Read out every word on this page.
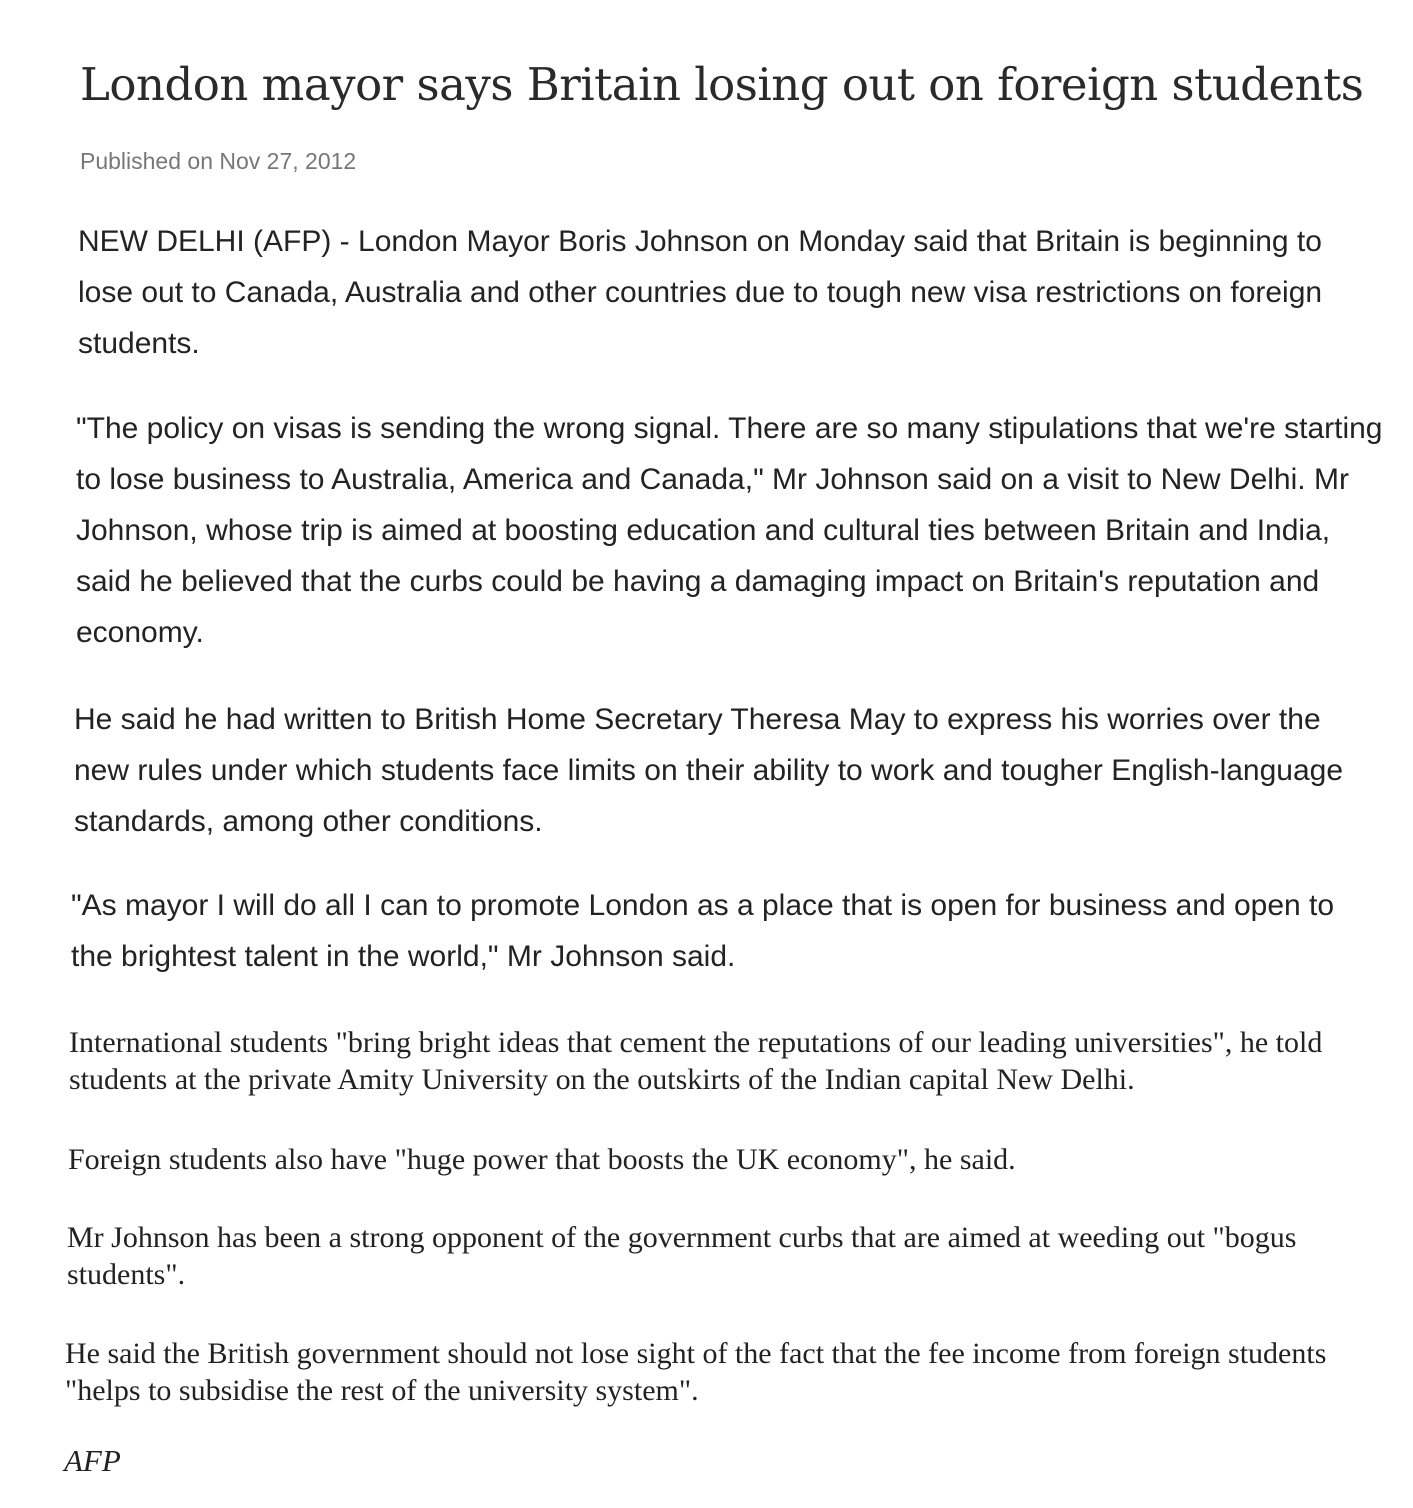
London mayor says Britain losing out on foreign students

Published on Nov 27, 2012

NEW DELHI (AFP) - London Mayor Boris Johnson on Monday said that Britain is beginning to lose out to Canada, Australia and other countries due to tough new visa restrictions on foreign students.

"The policy on visas is sending the wrong signal. There are so many stipulations that we're starting to lose business to Australia, America and Canada," Mr Johnson said on a visit to New Delhi. Mr Johnson, whose trip is aimed at boosting education and cultural ties between Britain and India, said he believed that the curbs could be having a damaging impact on Britain's reputation and economy.

He said he had written to British Home Secretary Theresa May to express his worries over the new rules under which students face limits on their ability to work and tougher English-language standards, among other conditions.

"As mayor I will do all I can to promote London as a place that is open for business and open to the brightest talent in the world," Mr Johnson said.

International students "bring bright ideas that cement the reputations of our leading universities", he told students at the private Amity University on the outskirts of the Indian capital New Delhi.

Foreign students also have "huge power that boosts the UK economy", he said.

Mr Johnson has been a strong opponent of the government curbs that are aimed at weeding out "bogus students".

He said the British government should not lose sight of the fact that the fee income from foreign students "helps to subsidise the rest of the university system".

AFP
